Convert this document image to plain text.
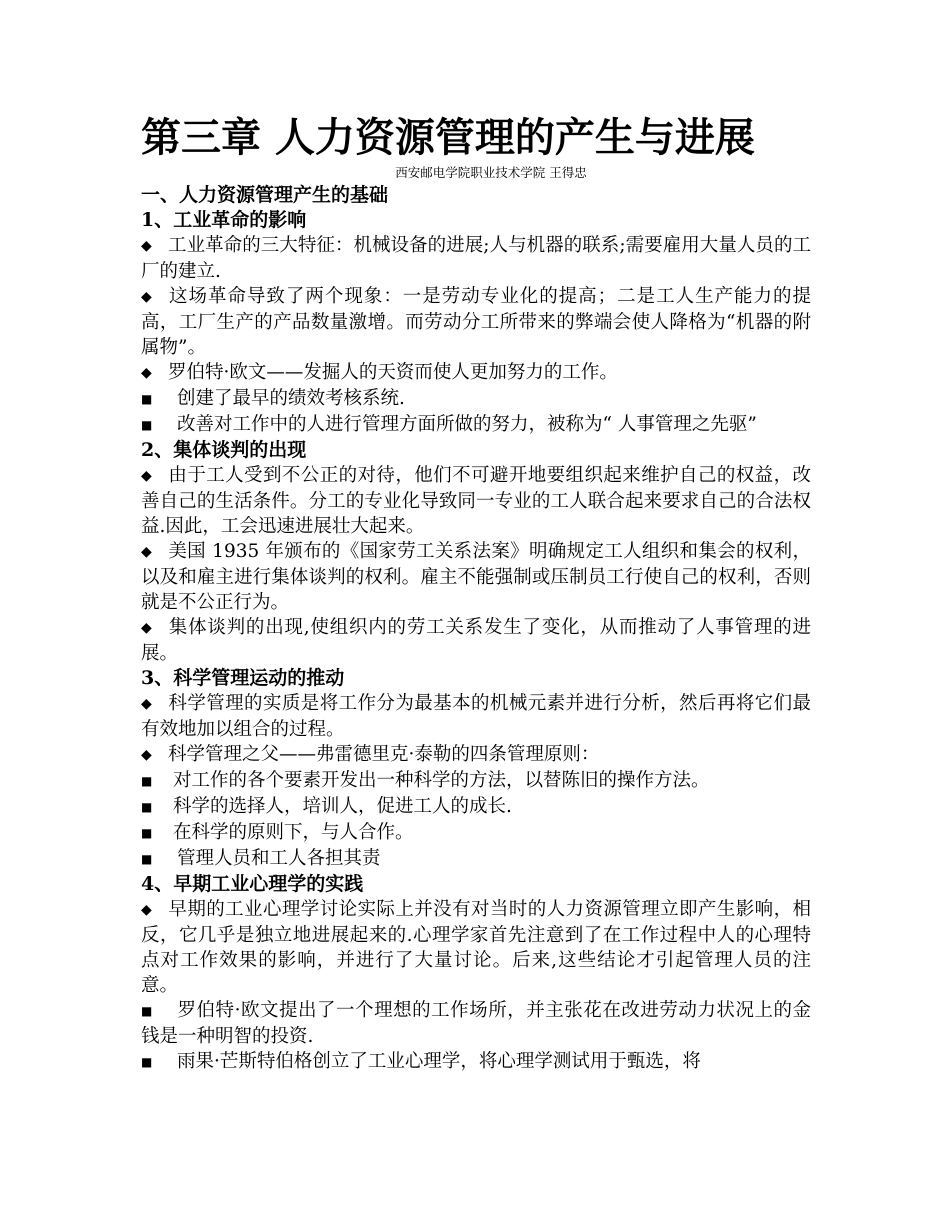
第三章 人力资源管理的产生与进展
西安邮电学院职业技术学院 王得忠
一、人力资源管理产生的基础
1、工业革命的影响

◆ 工业革命的三大特征：机械设备的进展;人与机器的联系;需要雇用大量人员的工厂的建立.

◆ 这场革命导致了两个现象：一是劳动专业化的提高；二是工人生产能力的提高，工厂生产的产品数量激增。而劳动分工所带来的弊端会使人降格为“机器的附属物”。

◆ 罗伯特·欧文——发掘人的天资而使人更加努力的工作。

■ 创建了最早的绩效考核系统.

■ 改善对工作中的人进行管理方面所做的努力，被称为“ 人事管理之先驱”

2、集体谈判的出现

◆ 由于工人受到不公正的对待，他们不可避开地要组织起来维护自己的权益，改善自己的生活条件。分工的专业化导致同一专业的工人联合起来要求自己的合法权益.因此，工会迅速进展壮大起来。

◆ 美国 1935 年颁布的《国家劳工关系法案》明确规定工人组织和集会的权利，以及和雇主进行集体谈判的权利。雇主不能强制或压制员工行使自己的权利，否则就是不公正行为。

◆ 集体谈判的出现,使组织内的劳工关系发生了变化，从而推动了人事管理的进展。

3、科学管理运动的推动

◆ 科学管理的实质是将工作分为最基本的机械元素并进行分析，然后再将它们最有效地加以组合的过程。

◆ 科学管理之父——弗雷德里克·泰勒的四条管理原则：

■ 对工作的各个要素开发出一种科学的方法，以替陈旧的操作方法。

■ 科学的选择人，培训人，促进工人的成长.

■ 在科学的原则下，与人合作。

■ 管理人员和工人各担其责

4、早期工业心理学的实践

◆ 早期的工业心理学讨论实际上并没有对当时的人力资源管理立即产生影响，相反，它几乎是独立地进展起来的.心理学家首先注意到了在工作过程中人的心理特点对工作效果的影响，并进行了大量讨论。后来,这些结论才引起管理人员的注意。

■ 罗伯特·欧文提出了一个理想的工作场所，并主张花在改进劳动力状况上的金钱是一种明智的投资.

■ 雨果·芒斯特伯格创立了工业心理学，将心理学测试用于甄选，将
